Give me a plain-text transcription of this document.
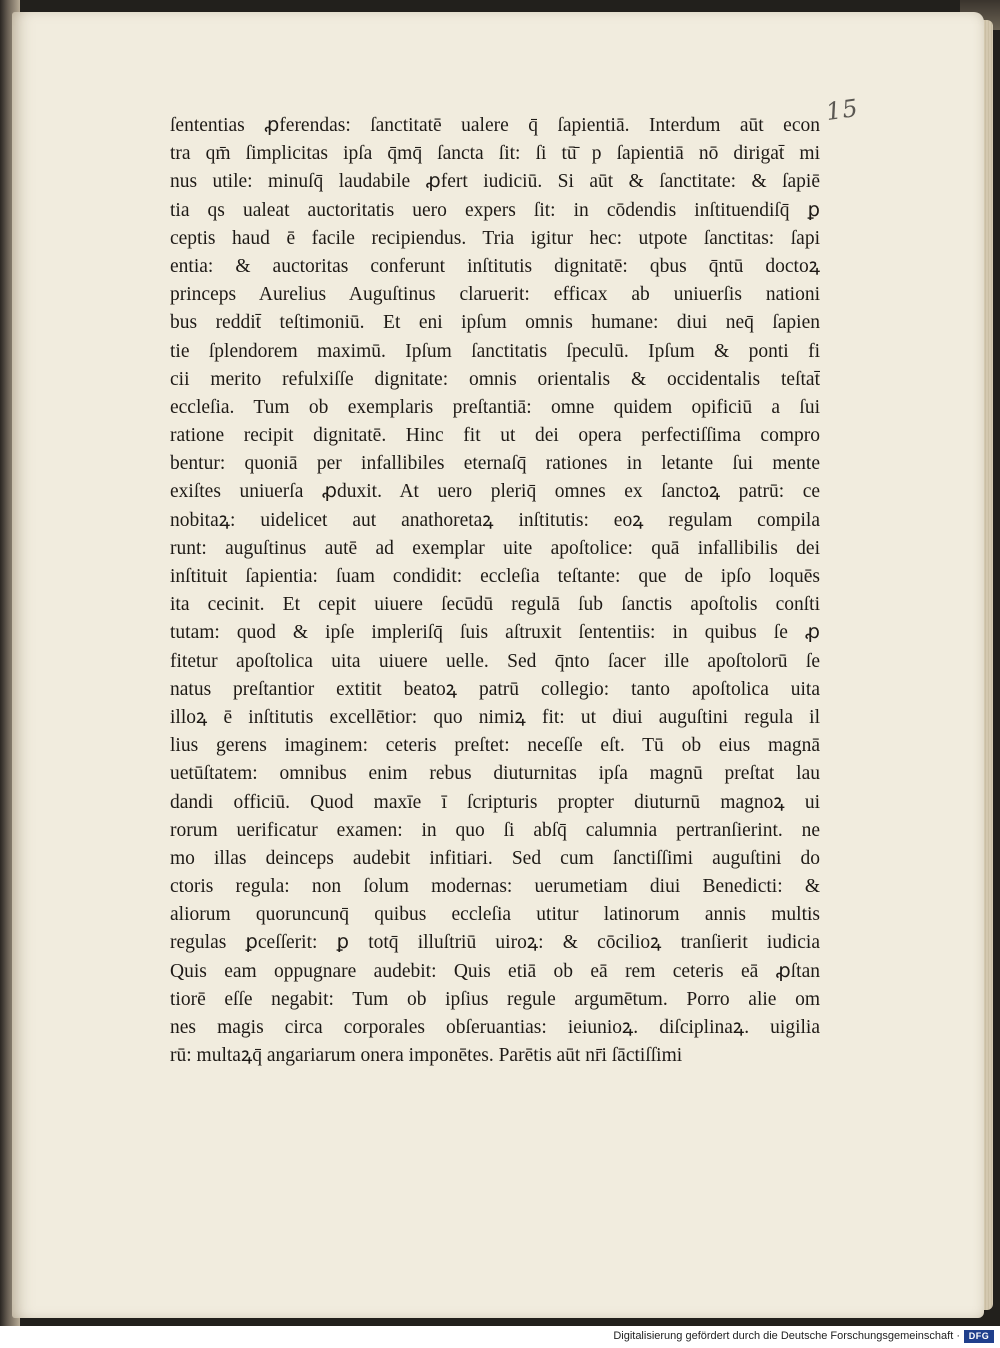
15
ſententias ꝓferendas: ſanctitatē ualere q̄ ſapientiā. Interdum aūt econ
tra qm̄ ſimplicitas ipſa q̄mq̄ ſancta ſit: ſi tū̄ p ſapientiā nō dirigat̄ mi
nus utile: minuſq̄ laudabile ꝓfert iudiciū. Si aūt & ſanctitate: & ſapiē
tia qs ualeat auctoritatis uero expers ſit: in cōdendis inſtituendiſq̄ ꝑ
ceptis haud ē facile recipiendus. Tria igitur hec: utpote ſanctitas: ſapi
entia: & auctoritas conferunt inſtitutis dignitatē: qbus q̄ntū doctoꝝ
princeps Aurelius Auguſtinus claruerit: efficax ab uniuerſis nationi
bus reddit̄ teſtimoniū. Et eni ipſum omnis humane: diui neq̄ ſapien
tie ſplendorem maximū. Ipſum ſanctitatis ſpeculū. Ipſum & ponti fi
cii merito refulxiſſe dignitate: omnis orientalis & occidentalis teſtat̄
eccleſia. Tum ob exemplaris preſtantiā: omne quidem opificiū a ſui
ratione recipit dignitatē. Hinc fit ut dei opera perfectiſſima compro
bentur: quoniā per infallibiles eternaſq̄ rationes in letante ſui mente
exiſtes uniuerſa ꝓduxit. At uero pleriq̄ omnes ex ſanctoꝝ patrū: ce
nobitaꝝ: uidelicet aut anathoretaꝝ inſtitutis: eoꝝ regulam compila
runt: auguſtinus autē ad exemplar uite apoſtolice: quā infallibilis dei
inſtituit ſapientia: ſuam condidit: eccleſia teſtante: que de ipſo loquēs
ita cecinit. Et cepit uiuere ſecūdū regulā ſub ſanctis apoſtolis conſti
tutam: quod & ipſe impleriſq̄ ſuis aſtruxit ſententiis: in quibus ſe ꝓ
fitetur apoſtolica uita uiuere uelle. Sed q̄nto ſacer ille apoſtolorū ſe
natus preſtantior extitit beatoꝝ patrū collegio: tanto apoſtolica uita
illoꝝ ē inſtitutis excellētior: quo nimiꝝ fit: ut diui auguſtini regula il
lius gerens imaginem: ceteris preſtet: neceſſe eſt. Tū ob eius magnā
uetūſtatem: omnibus enim rebus diuturnitas ipſa magnū preſtat lau
dandi officiū. Quod maxīe ī ſcripturis propter diuturnū magnoꝝ ui
rorum uerificatur examen: in quo ſi abſq̄ calumnia pertranſierint. ne
mo illas deinceps audebit infitiari. Sed cum ſanctiſſimi auguſtini do
ctoris regula: non ſolum modernas: uerumetiam diui Benedicti: &
aliorum quoruncunq̄ quibus eccleſia utitur latinorum annis multis
regulas ꝑceſſerit: ꝑ totq̄ illuſtriū uiroꝝ: & cōcilioꝝ tranſierit iudicia
Quis eam oppugnare audebit: Quis etiā ob eā rem ceteris eā ꝓſtan
tiorē eſſe negabit: Tum ob ipſius regule argumētum. Porro alie om
nes magis circa corporales obſeruantias: ieiunioꝝ. diſciplinaꝝ. uigilia
rū: multaꝝq̄ angariarum onera imponētes. Parētis aūt nr̄i ſāctiſſimi
Digitalisierung gefördert durch die Deutsche Forschungsgemeinschaft · DFG
